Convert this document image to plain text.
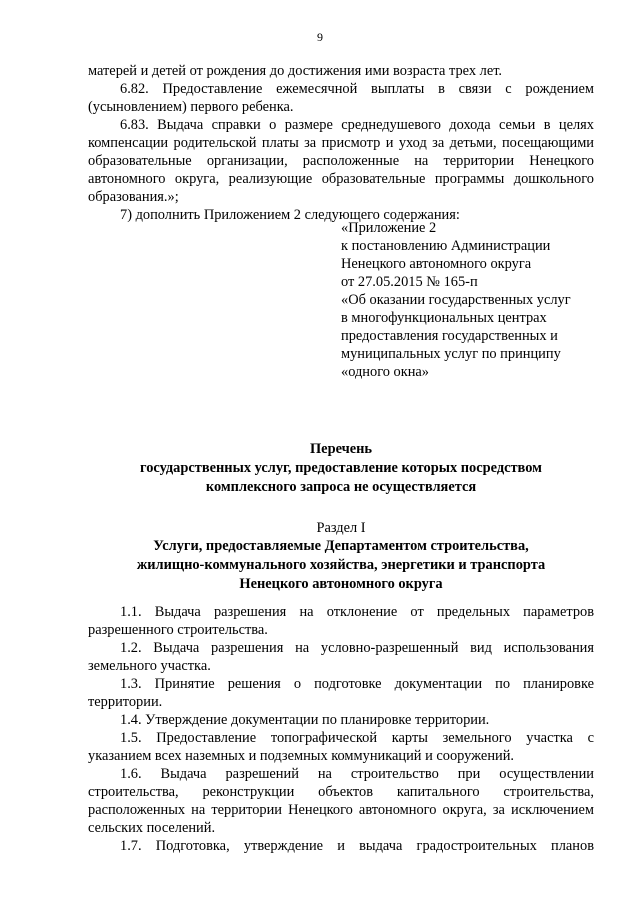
9

матерей и детей от рождения до достижения ими возраста трех лет.

6.82. Предоставление ежемесячной выплаты в связи с рождением (усыновлением) первого ребенка.

6.83. Выдача справки о размере среднедушевого дохода семьи в целях компенсации родительской платы за присмотр и уход за детьми, посещающими образовательные организации, расположенные на территории Ненецкого автономного округа, реализующие образовательные программы дошкольного образования.»;

7) дополнить Приложением 2 следующего содержания:

«Приложение 2
к постановлению Администрации
Ненецкого автономного округа
от 27.05.2015 № 165-п
«Об оказании государственных услуг
в многофункциональных центрах
предоставления государственных и
муниципальных услуг по принципу
«одного окна»
Перечень
государственных услуг, предоставление которых посредством
комплексного запроса не осуществляется
Раздел I
Услуги, предоставляемые Департаментом строительства,
жилищно-коммунального хозяйства, энергетики и транспорта
Ненецкого автономного округа

1.1. Выдача разрешения на отклонение от предельных параметров разрешенного строительства.

1.2. Выдача разрешения на условно-разрешенный вид использования земельного участка.

1.3. Принятие решения о подготовке документации по планировке территории.

1.4. Утверждение документации по планировке территории.

1.5. Предоставление топографической карты земельного участка с указанием всех наземных и подземных коммуникаций и сооружений.

1.6. Выдача разрешений на строительство при осуществлении строительства, реконструкции объектов капитального строительства, расположенных на территории Ненецкого автономного округа, за исключением сельских поселений.

1.7. Подготовка, утверждение и выдача градостроительных планов
